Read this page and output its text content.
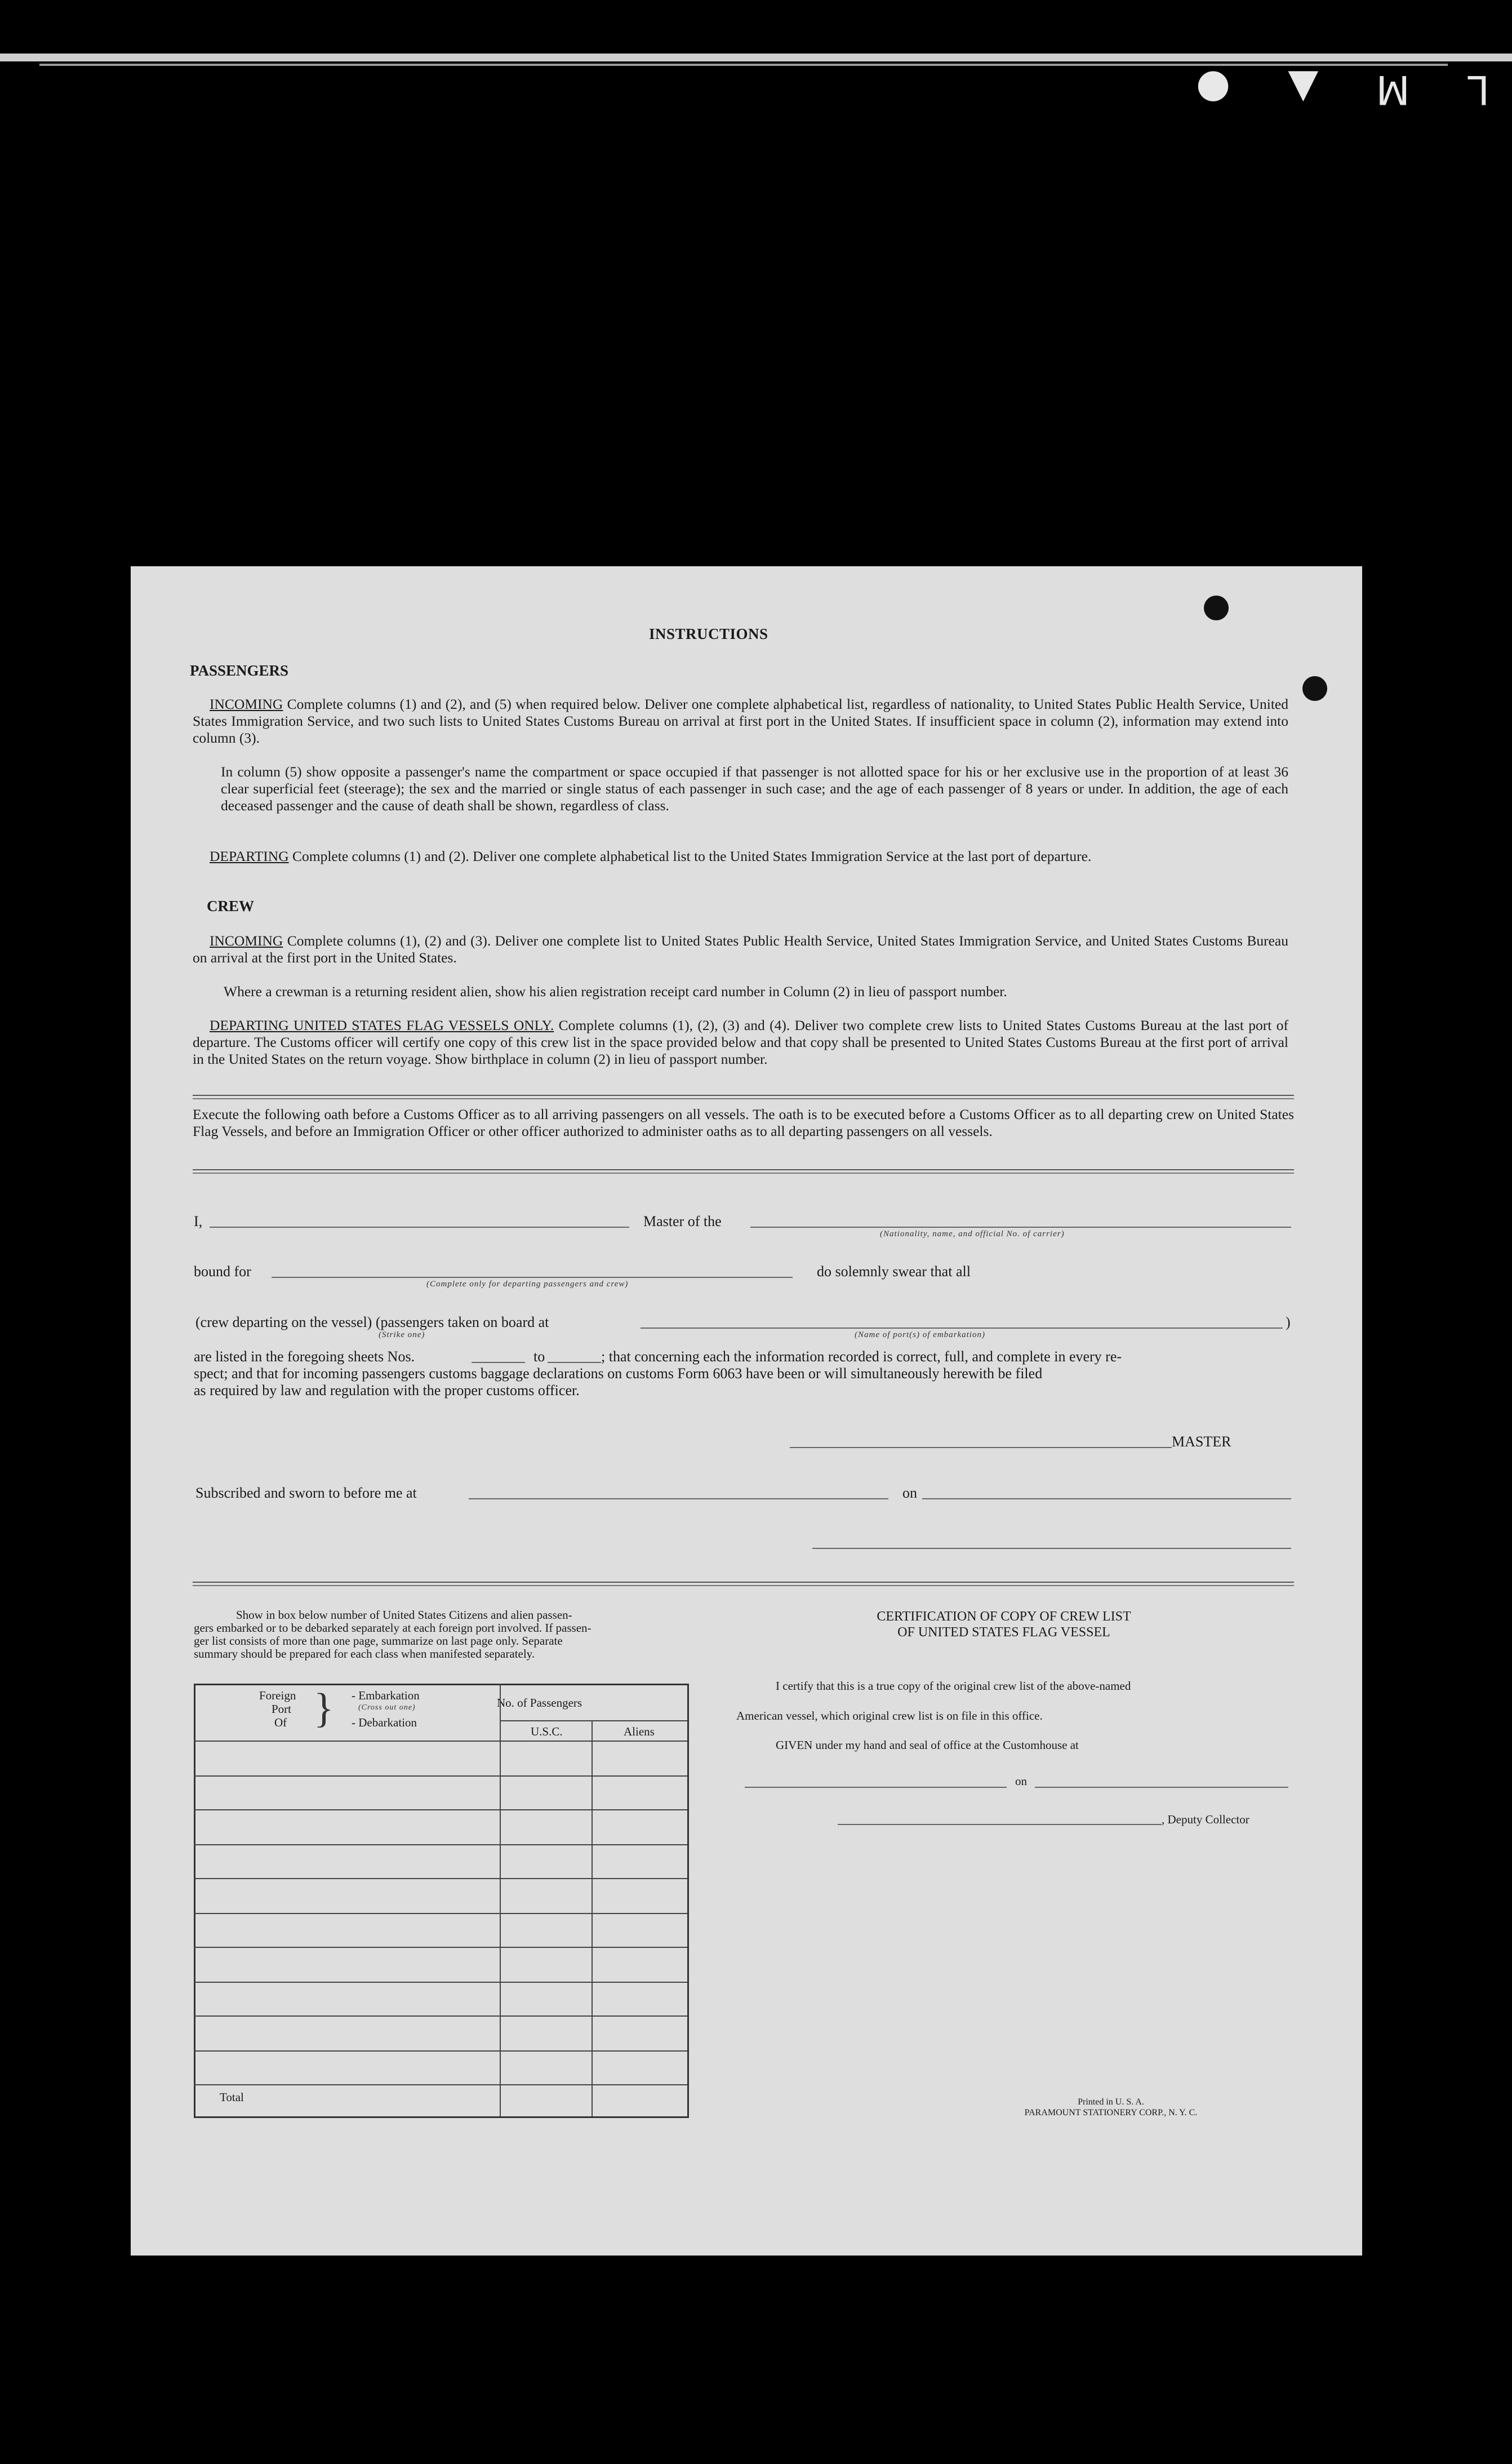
L M ▲ ●
INSTRUCTIONS
PASSENGERS
INCOMING Complete columns (1) and (2), and (5) when required below. Deliver one complete alphabetical list, regardless of nationality, to United States Public Health Service, United States Immigration Service, and two such lists to United States Customs Bureau on arrival at first port in the United States. If insufficient space in column (2), information may extend into column (3).
In column (5) show opposite a passenger's name the compartment or space occupied if that passenger is not allotted space for his or her exclusive use in the proportion of at least 36 clear superficial feet (steerage); the sex and the married or single status of each passenger in such case; and the age of each passenger of 8 years or under. In addition, the age of each deceased passenger and the cause of death shall be shown, regardless of class.
DEPARTING Complete columns (1) and (2). Deliver one complete alphabetical list to the United States Immigration Service at the last port of departure.
CREW
INCOMING Complete columns (1), (2) and (3). Deliver one complete list to United States Public Health Service, United States Immigration Service, and United States Customs Bureau on arrival at the first port in the United States.
Where a crewman is a returning resident alien, show his alien registration receipt card number in Column (2) in lieu of passport number.
DEPARTING UNITED STATES FLAG VESSELS ONLY. Complete columns (1), (2), (3) and (4). Deliver two complete crew lists to United States Customs Bureau at the last port of departure. The Customs officer will certify one copy of this crew list in the space provided below and that copy shall be presented to United States Customs Bureau at the first port of arrival in the United States on the return voyage. Show birthplace in column (2) in lieu of passport number.
Execute the following oath before a Customs Officer as to all arriving passengers on all vessels. The oath is to be executed before a Customs Officer as to all departing crew on United States Flag Vessels, and before an Immigration Officer or other officer authorized to administer oaths as to all departing passengers on all vessels.
I,	Master of the
(Nationality, name, and official No. of carrier)
bound for
(Complete only for departing passengers and crew)
do solemnly swear that all
(crew departing on the vessel) (passengers taken on board at
(Strike one)	(Name of port(s) of embarkation)
)
are listed in the foregoing sheets Nos.	to	; that concerning each the information recorded is correct, full, and complete in every re-
spect; and that for incoming passengers customs baggage declarations on customs Form 6063 have been or will simultaneously herewith be filed
as required by law and regulation with the proper customs officer.
MASTER
Subscribed and sworn to before me at	on
Show in box below number of United States Citizens and alien passen-
gers embarked or to be debarked separately at each foreign port involved. If passen-
ger list consists of more than one page, summarize on last page only. Separate
summary should be prepared for each class when manifested separately.
Foreign
Port
Of } - Embarkation
(Cross out one)
- Debarkation
No. of Passengers
U.S.C.	Aliens
Total
CERTIFICATION OF COPY OF CREW LIST
OF UNITED STATES FLAG VESSEL
I certify that this is a true copy of the original crew list of the above-named
American vessel, which original crew list is on file in this office.
GIVEN under my hand and seal of office at the Customhouse at
on
, Deputy Collector
Printed in U. S. A.
PARAMOUNT STATIONERY CORP., N. Y. C.
